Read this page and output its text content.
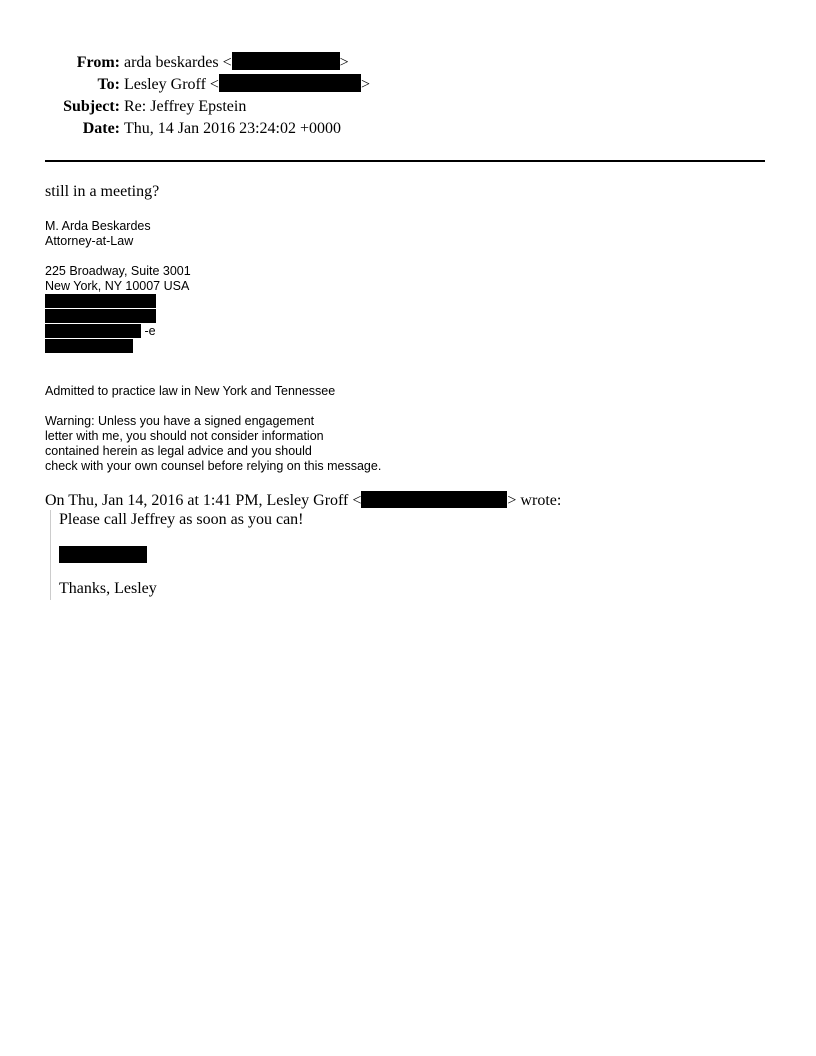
From: arda beskardes <	>
To: Lesley Groff <	>
Subject: Re: Jeffrey Epstein
Date: Thu, 14 Jan 2016 23:24:02 +0000
still in a meeting?
M. Arda Beskardes
Attorney-at-Law
225 Broadway, Suite 3001
New York, NY 10007 USA
-e
Admitted to practice law in New York and Tennessee
Warning: Unless you have a signed engagement
letter with me, you should not consider information
contained herein as legal advice and you should
check with your own counsel before relying on this message.
On Thu, Jan 14, 2016 at 1:41 PM, Lesley Groff <	> wrote:
Please call Jeffrey as soon as you can!
Thanks, Lesley
